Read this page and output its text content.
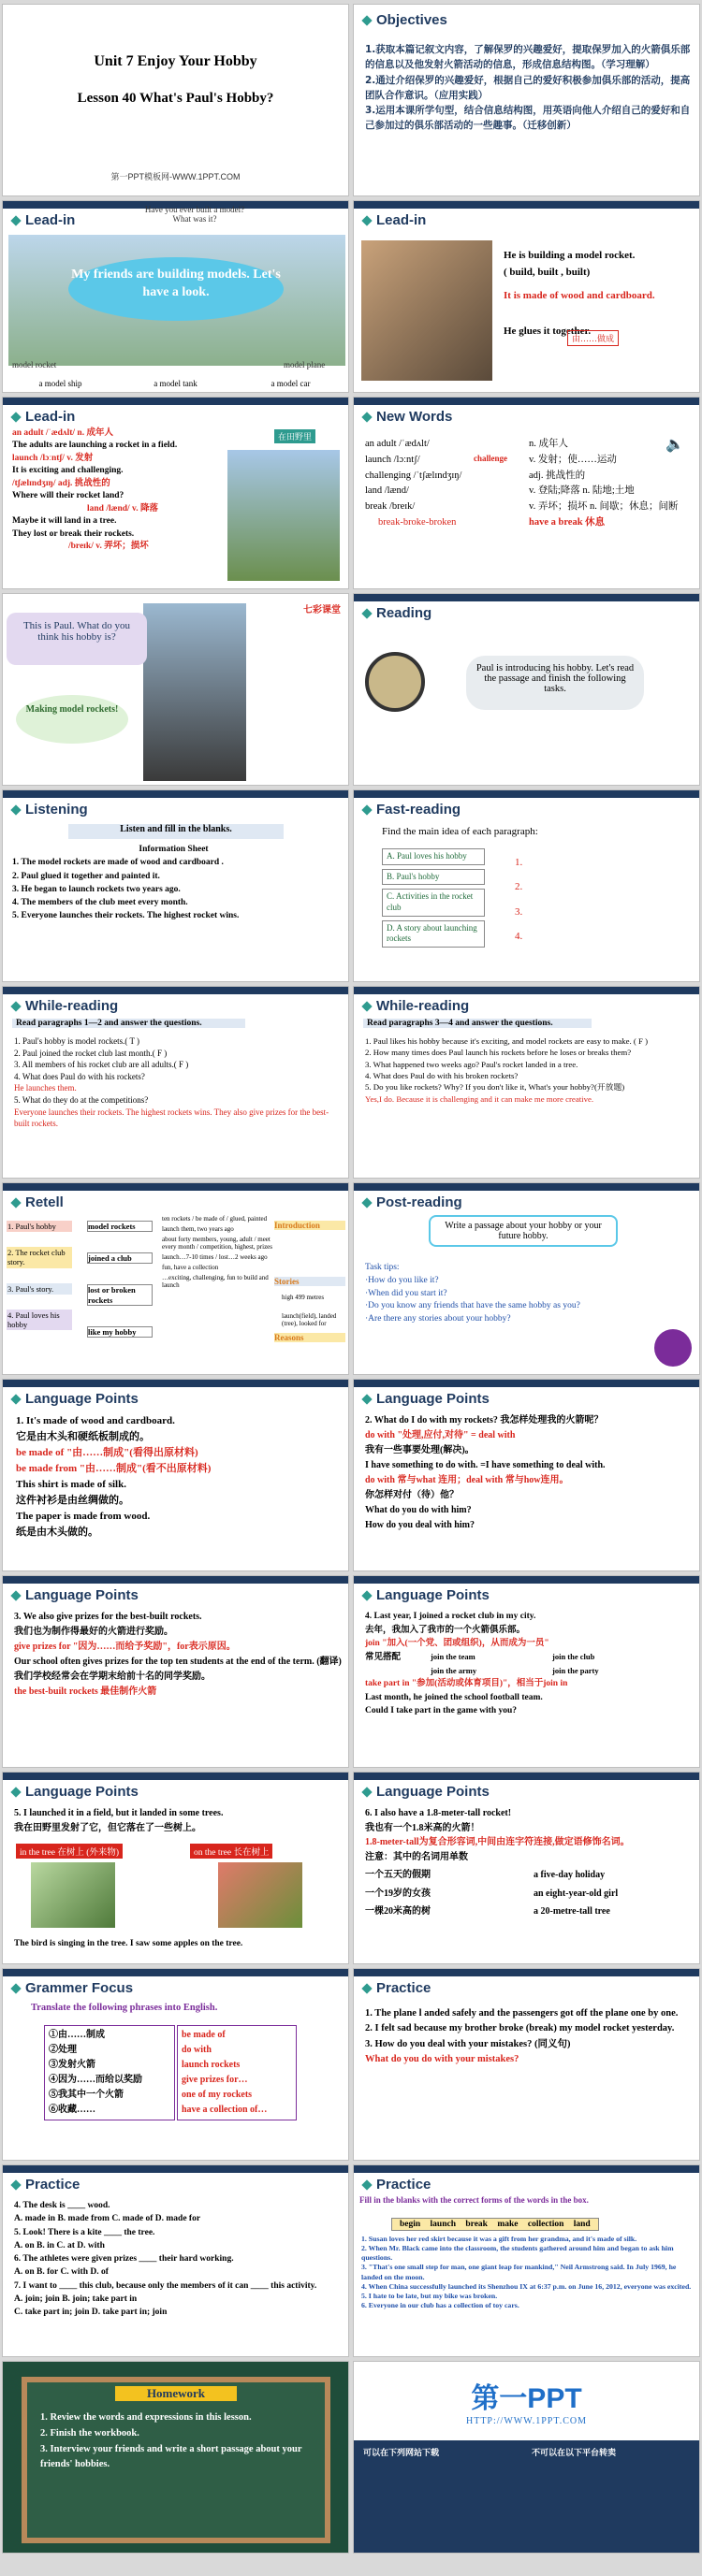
Unit 7 Enjoy Your Hobby
Lesson 40 What's Paul's Hobby?
第一PPT模板网-WWW.1PPT.COM
Objectives
1.获取本篇记叙文内容，了解保罗的兴趣爱好，提取保罗加入的火箭俱乐部的信息以及他发射火箭活动的信息，形成信息结构图。（学习理解）
2.通过介绍保罗的兴趣爱好，根据自己的爱好积极参加俱乐部的活动，提高团队合作意识。（应用实践）
3.运用本课所学句型，结合信息结构图，用英语向他人介绍自己的爱好和自己参加过的俱乐部活动的一些趣事。（迁移创新）
Lead-in
Have you ever built a model? What was it?
My friends are building models. Let's have a look.
model rocket	model plane
a model ship	a model tank	a model car
Lead-in
He is building a model rocket.
( build, built , built)
It is made of wood and cardboard.
He glues it together.
由……做成
Lead-in
在田野里
an adult /ˈædʌlt/ n. 成年人
The adults are launching a rocket in a field.
launch /lɔːntʃ/ v. 发射
It is exciting and challenging.
/tʃælɪndʒɪŋ/ adj. 挑战性的
Where will their rocket land?
land /lænd/ v. 降落
Maybe it will land in a tree.
They lost or break their rockets.
/breɪk/ v. 弄坏；损坏
New Words
🔈
an adult /ˈædʌlt/	n. 成年人
launch /lɔːntʃ/	v. 发射；使……运动
challenging /ˈtʃælɪndʒɪŋ/	adj. 挑战性的
land /lænd/	v. 登陆;降落 n. 陆地;土地
break /breɪk/	v. 弄坏；损坏 n. 间歇；休息；间断
break-broke-broken	have a break 休息
challenge
This is Paul. What do you think his hobby is?
Making model rockets!
七彩课堂	Reading
Paul is introducing his hobby. Let's read the passage and finish the following tasks.
Listening
Listen and fill in the blanks.
Information Sheet
1. The model rockets are made of wood and cardboard .
2. Paul glued it together and painted it.
3. He began to launch rockets two years ago.
4. The members of the club meet every month.
5. Everyone launches their rockets. The highest rocket wins.
Fast-reading
Find the main idea of each paragraph:
A. Paul loves his hobby
B. Paul's hobby
C. Activities in the rocket club
D. A story about launching rockets
1.
2.
3.
4.
While-reading
Read paragraphs 1—2 and answer the questions.
1. Paul's hobby is model rockets.( T )
2. Paul joined the rocket club last month.( F )
3. All members of his rocket club are all adults.( F )
4. What does Paul do with his rockets?
He launches them.
5. What do they do at the competitions?
Everyone launches their rockets. The highest rockets wins. They also give prizes for the best-built rockets.
While-reading
Read paragraphs 3—4 and answer the questions.
1. Paul likes his hobby because it's exciting, and model rockets are easy to make. ( F )
2. How many times does Paul launch his rockets before he loses or breaks them?
3. What happened two weeks ago? Paul's rocket landed in a tree.
4. What does Paul do with his broken rockets?
5. Do you like rockets? Why? If you don't like it, What's your hobby?(开放题)
Yes,I do. Because it is challenging and it can make me more creative.
Retell
1. Paul's hobby
2. The rocket club story.
3. Paul's story.
4. Paul loves his hobby
model rockets
joined a club
lost or broken rockets
like my hobby
ten rockets / be made of / glued, painted
launch them, two years ago
about forty members, young, adult / meet every month / competition, highest, prizes
launch…7-10 times / lost…2 weeks ago
fun, have a collection
…exciting, challenging, fun to build and launch
Introduction
Stories
Reasons
high 499 metres
launch(field), landed (tree), looked for
Post-reading
Write a passage about your hobby or your future hobby.
Task tips:
·How do you like it?
·When did you start it?
·Do you know any friends that have the same hobby as you?
·Are there any stories about your hobby?
Language Points
1. It's made of wood and cardboard.
它是由木头和硬纸板制成的。
be made of "由……制成"(看得出原材料)
be made from "由……制成"(看不出原材料)
This shirt is made of silk.
这件衬衫是由丝绸做的。
The paper is made from wood.
纸是由木头做的。
Language Points
2. What do I do with my rockets? 我怎样处理我的火箭呢？
do with "处理,应付,对待" = deal with
我有一些事要处理(解决)。
I have something to do with. =I have something to deal with.
do with 常与what 连用；deal with 常与how连用。
你怎样对付（待）他？
What do you do with him?
How do you deal with him?
Language Points
3. We also give prizes for the best-built rockets.
我们也为制作得最好的火箭进行奖励。
give prizes for "因为……而给予奖励"，for表示原因。
Our school often gives prizes for the top ten students at the end of the term. (翻译)
我们学校经常会在学期末给前十名的同学奖励。
the best-built rockets 最佳制作火箭
Language Points
4. Last year, I joined a rocket club in my city.
去年，我加入了我市的一个火箭俱乐部。
join "加入(一个党、团或组织)，从而成为一员"
常见搭配	join the team	join the club
join the army	join the party
take part in "参加(活动或体育项目)"，相当于join in
Last month, he joined the school football team.
Could I take part in the game with you?
Language Points
5. I launched it in a field, but it landed in some trees.
我在田野里发射了它，但它落在了一些树上。
in the tree 在树上 (外来物)	on the tree 长在树上
The bird is singing in the tree. I saw some apples on the tree.
Language Points
6. I also have a 1.8-meter-tall rocket!
我也有一个1.8米高的火箭！
1.8-meter-tall为复合形容词,中间由连字符连接,做定语修饰名词。
注意：其中的名词用单数
一个五天的假期	a five-day holiday
一个19岁的女孩	an eight-year-old girl
一棵20米高的树	a 20-metre-tall tree
Grammer Focus
Translate the following phrases into English.
①由……制成
②处理
③发射火箭
④因为……而给以奖励
⑤我其中一个火箭
⑥收藏……
be made of
do with
launch rockets
give prizes for…
one of my rockets
have a collection of…
Practice
1. The plane l anded safely and the passengers got off the plane one by one.
2. I felt sad because my brother broke (break) my model rocket yesterday.
3. How do you deal with your mistakes? (同义句)
What do you do with your mistakes?
Practice
4. The desk is ____ wood.
A. made in B. made from C. made of D. made for
5. Look! There is a kite ____ the tree.
A. on B. in C. at D. with
6. The athletes were given prizes ____ their hard working.
A. on B. for C. with D. of
7. I want to ____ this club, because only the members of it can ____ this activity.
A. join; join B. join; take part in
C. take part in; join D. take part in; join
Practice
Fill in the blanks with the correct forms of the words in the box.
begin launch break make collection land
1. Susan loves her red skirt because it was a gift from her grandma, and it's made of silk.
2. When Mr. Black came into the classroom, the students gathered around him and began to ask him questions.
3. "That's one small step for man, one giant leap for mankind," Neil Armstrong said. In July 1969, he landed on the moon.
4. When China successfully launched its Shenzhou IX at 6:37 p.m. on June 16, 2012, everyone was excited.
5. I hate to be late, but my bike was broken.
6. Everyone in our club has a collection of toy cars.
Homework
1. Review the words and expressions in this lesson.
2. Finish the workbook.
3. Interview your friends and write a short passage about your friends' hobbies.
第一PPT
HTTP://WWW.1PPT.COM
可以在下列网站下载	不可以在以下平台转卖
